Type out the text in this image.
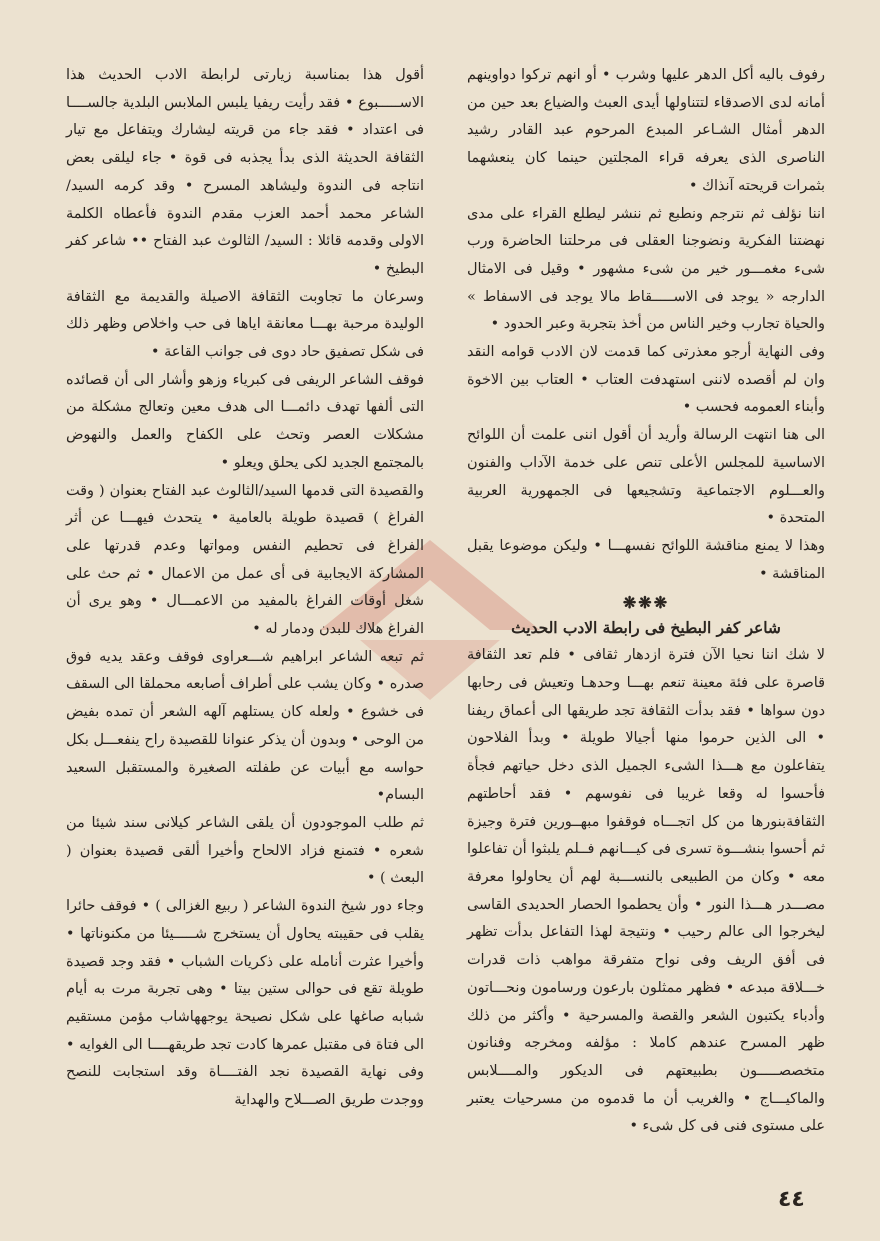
رفوف باليه أكل الدهر عليها وشرب • أو انهم تركوا دواوينهم أمانه لدى الاصدقاء لتتناولها أيدى العبث والضياع بعد حين من الدهر أمثال الشـاعر المبدع المرحوم عبد القادر رشيد الناصرى الذى يعرفه قراء المجلتين حينما كان ينعشهما بثمرات قريحته آنذاك •

اننا نؤلف ثم نترجم ونطبع ثم ننشر ليطلع القراء على مدى نهضتنا الفكرية ونضوجنا العقلى فى مرحلتنا الحاضرة ورب شىء مغمـــور خير من شىء مشهور • وقيل فى الامثال الدارجه « يوجد فى الاســـــقاط مالا يوجد فى الاسفاط » والحياة تجارب وخير الناس من أخذ بتجربة وعبر الحدود •

وفى النهاية أرجو معذرتى كما قدمت لان الادب قوامه النقد وان لم أقصده لاننى استهدفت العتاب • العتاب بين الاخوة وأبناء العمومه فحسب •

الى هنا انتهت الرسالة وأريد أن أقول اننى علمت أن اللوائح الاساسية للمجلس الأعلى تنص على خدمة الآداب والفنون والعـــلوم الاجتماعية وتشجيعها فى الجمهورية العربية المتحدة •

وهذا لا يمنع مناقشة اللوائح نفسهـــا • وليكن موضوعا يقبل المناقشة •

❋❋❋
شاعر كفر البطيخ فى رابطة الادب الحديث

لا شك اننا نحيا الآن فترة ازدهار ثقافى • فلم تعد الثقافة قاصرة على فئة معينة تنعم بهـــا وحدهـا وتعيش فى رحابها دون سواها • فقد بدأت الثقافة تجد طريقها الى أعماق ريفنا • الى الذين حرموا منها أجيالا طويلة • وبدأ الفلاحون يتفاعلون مع هـــذا الشىء الجميل الذى دخل حياتهم فجأة فأحسوا له وقعا غريبا فى نفوسهم • فقد أحاطتهم الثقافةبنورها من كل اتجـــاه فوقفوا مبهــورين فترة وجيزة ثم أحسوا بنشـــوة تسرى فى كيـــانهم فــلم يلبثوا أن تفاعلوا معه • وكان من الطبيعى بالنســـبة لهم أن يحاولوا معرفة مصـــدر هـــذا النور • وأن يحطموا الحصار الحديدى القاسى ليخرجوا الى عالم رحيب • ونتيجة لهذا التفاعل بدأت تظهر فى أفق الريف وفى نواح متفرقة مواهب ذات قدرات خـــلاقة مبدعه • فظهر ممثلون بارعون ورسامون ونحـــاتون وأدباء يكتبون الشعر والقصة والمسرحية • وأكثر من ذلك ظهر المسرح عندهم كاملا : مؤلفه ومخرجه وفنانون متخصصـــــون بطبيعتهم فى الديكور والمــــلابس والماكيـــاج • والغريب أن ما قدموه من مسرحيات يعتبر على مستوى فنى فى كل شىء •

أقول هذا بمناسبة زيارتى لرابطة الادب الحديث هذا الاســـــبوع • فقد رأيت ريفيا يلبس الملابس البلدية جالســــا فى اعتداد • فقد جاء من قريته ليشارك ويتفاعل مع تيار الثقافة الحديثة الذى بدأ يجذبه فى قوة • جاء ليلقى بعض انتاجه فى الندوة وليشاهد المسرح • وقد كرمه السيد/ الشاعر محمد أحمد العزب مقدم الندوة فأعطاه الكلمة الاولى وقدمه قائلا : السيد/ الثالوث عبد الفتاح •• شاعر كفر البطيخ •

وسرعان ما تجاوبت الثقافة الاصيلة والقديمة مع الثقافة الوليدة مرحبة بهـــا معانقة اياها فى حب واخلاص وظهر ذلك فى شكل تصفيق حاد دوى فى جوانب القاعة •

فوقف الشاعر الريفى فى كبرياء وزهو وأشار الى أن قصائده التى ألفها تهدف دائمـــا الى هدف معين وتعالج مشكلة من مشكلات العصر وتحث على الكفاح والعمل والنهوض بالمجتمع الجديد لكى يحلق ويعلو •

والقصيدة التى قدمها السيد/الثالوث عبد الفتاح بعنوان ( وقت الفراغ ) قصيدة طويلة بالعامية • يتحدث فيهـــا عن أثر الفراغ فى تحطيم النفس ومواتها وعدم قدرتها على المشاركة الايجابية فى أى عمل من الاعمال • ثم حث على شغل أوقات الفراغ بالمفيد من الاعمـــال • وهو يرى أن الفراغ هلاك للبدن ودمار له •

ثم تبعه الشاعر ابراهيم شـــعراوى فوقف وعقد يديه فوق صدره • وكان يشب على أطراف أصابعه محملقا الى السقف فى خشوع • ولعله كان يستلهم آلهه الشعر أن تمده بفيض من الوحى • وبدون أن يذكر عنوانا للقصيدة راح ينفعـــل بكل حواسه مع أبيات عن طفلته الصغيرة والمستقبل السعيد البسام•

ثم طلب الموجودون أن يلقى الشاعر كيلانى سند شيئا من شعره • فتمنع فزاد الالحاح وأخيرا ألقى قصيدة بعنوان ( البعث ) •

وجاء دور شيخ الندوة الشاعر ( ربيع الغزالى ) • فوقف حائرا يقلب فى حقيبته يحاول أن يستخرج شـــــيئا من مكنوناتها • وأخيرا عثرت أنامله على ذكريات الشباب • فقد وجد قصيدة طويلة تقع فى حوالى ستين بيتا • وهى تجربة مرت به أيام شبابه صاغها على شكل نصيحة يوجههاشاب مؤمن مستقيم الى فتاة فى مقتبل عمرها كادت تجد طريقهــــا الى الغوايه • وفى نهاية القصيدة نجد الفتــــاة وقد استجابت للنصح ووجدت طريق الصـــلاح والهداية

٤٤
